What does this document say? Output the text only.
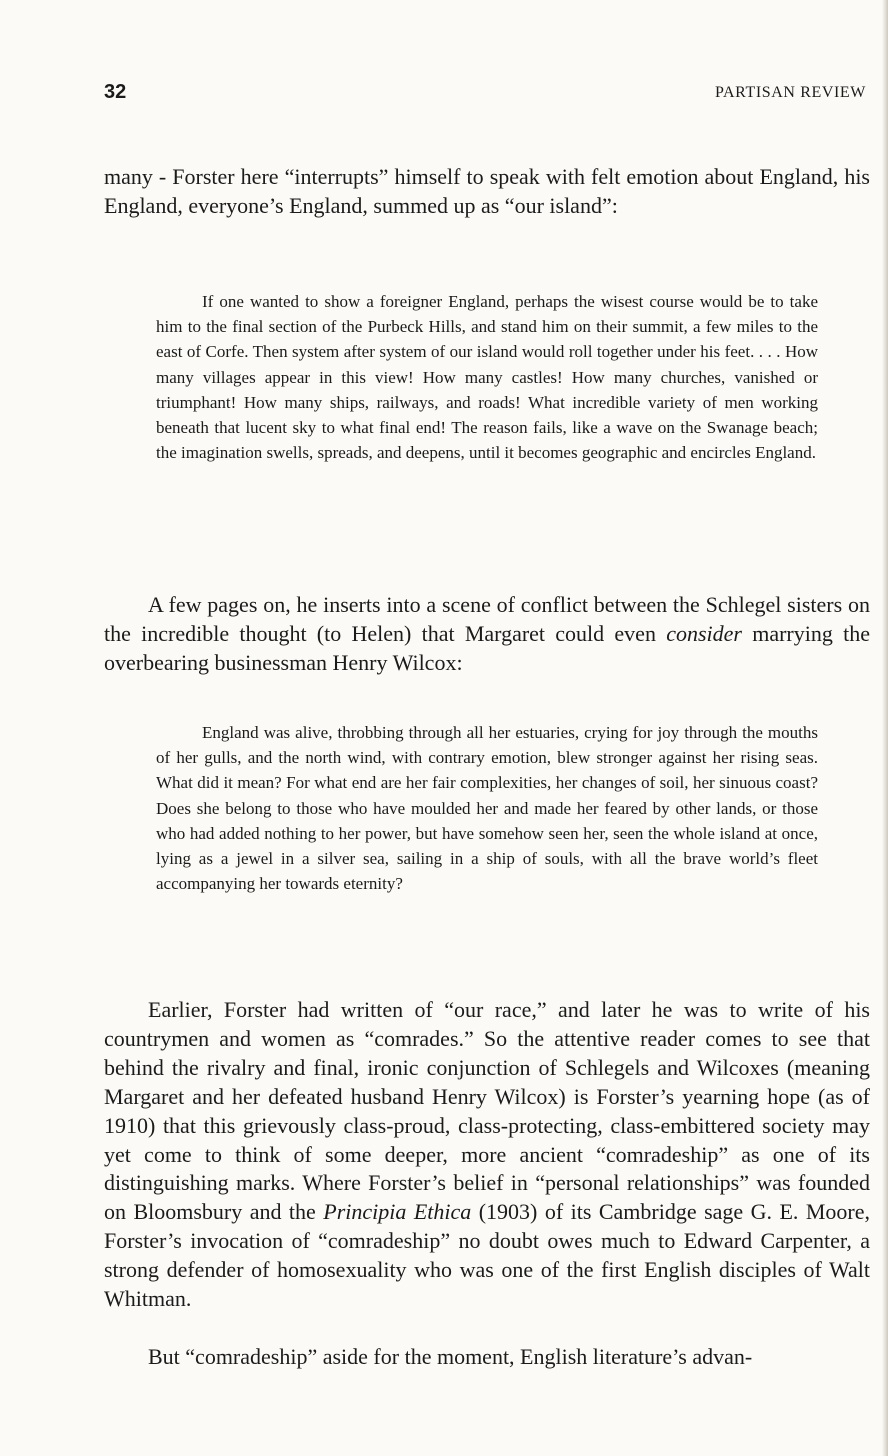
32	PARTISAN REVIEW

many - Forster here “interrupts” himself to speak with felt emotion about England, his England, everyone’s England, summed up as “our island”:

If one wanted to show a foreigner England, perhaps the wisest course would be to take him to the final section of the Purbeck Hills, and stand him on their summit, a few miles to the east of Corfe. Then system after system of our island would roll together under his feet. . . . How many villages appear in this view! How many castles! How many churches, vanished or triumphant! How many ships, railways, and roads! What incredible variety of men working beneath that lucent sky to what final end! The reason fails, like a wave on the Swanage beach; the imagination swells, spreads, and deepens, until it becomes geographic and encircles England.

A few pages on, he inserts into a scene of conflict between the Schlegel sisters on the incredible thought (to Helen) that Margaret could even consider marrying the overbearing businessman Henry Wilcox:

England was alive, throbbing through all her estuaries, crying for joy through the mouths of her gulls, and the north wind, with contrary emotion, blew stronger against her rising seas. What did it mean? For what end are her fair complexities, her changes of soil, her sinuous coast? Does she belong to those who have moulded her and made her feared by other lands, or those who had added nothing to her power, but have somehow seen her, seen the whole island at once, lying as a jewel in a silver sea, sailing in a ship of souls, with all the brave world’s fleet accompanying her towards eternity?

Earlier, Forster had written of “our race,” and later he was to write of his countrymen and women as “comrades.” So the attentive reader comes to see that behind the rivalry and final, ironic conjunction of Schlegels and Wilcoxes (meaning Margaret and her defeated husband Henry Wilcox) is Forster’s yearning hope (as of 1910) that this grievously class-proud, class-protecting, class-embittered society may yet come to think of some deeper, more ancient “comradeship” as one of its distinguishing marks. Where Forster’s belief in “personal relationships” was founded on Bloomsbury and the Principia Ethica (1903) of its Cambridge sage G. E. Moore, Forster’s invocation of “comradeship” no doubt owes much to Edward Carpenter, a strong defender of homosexuality who was one of the first English disciples of Walt Whitman.

But “comradeship” aside for the moment, English literature’s advan-
